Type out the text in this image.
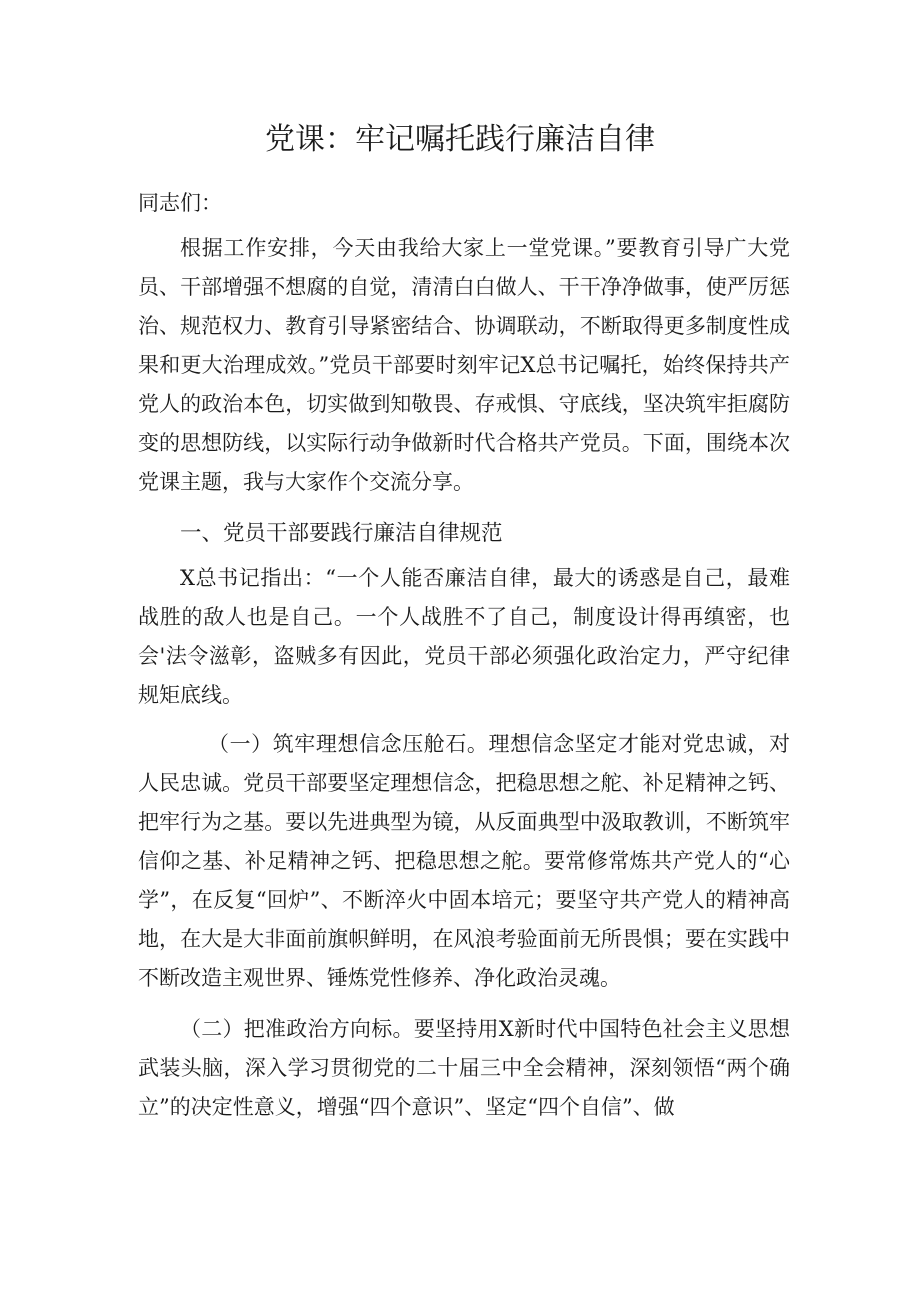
党课：牢记嘱托践行廉洁自律

同志们：

根据工作安排，今天由我给大家上一堂党课。”要教育引导广大党员、干部增强不想腐的自觉，清清白白做人、干干净净做事，使严厉惩治、规范权力、教育引导紧密结合、协调联动，不断取得更多制度性成果和更大治理成效。”党员干部要时刻牢记X总书记嘱托，始终保持共产党人的政治本色，切实做到知敬畏、存戒惧、守底线，坚决筑牢拒腐防变的思想防线，以实际行动争做新时代合格共产党员。下面，围绕本次党课主题，我与大家作个交流分享。

一、党员干部要践行廉洁自律规范

X总书记指出：“一个人能否廉洁自律，最大的诱惑是自己，最难战胜的敌人也是自己。一个人战胜不了自己，制度设计得再缜密，也会'法令滋彰，盗贼多有因此，党员干部必须强化政治定力，严守纪律规矩底线。

（一）筑牢理想信念压舱石。理想信念坚定才能对党忠诚，对人民忠诚。党员干部要坚定理想信念，把稳思想之舵、补足精神之钙、把牢行为之基。要以先进典型为镜，从反面典型中汲取教训，不断筑牢信仰之基、补足精神之钙、把稳思想之舵。要常修常炼共产党人的“心学”，在反复“回炉”、不断淬火中固本培元；要坚守共产党人的精神高地，在大是大非面前旗帜鲜明，在风浪考验面前无所畏惧；要在实践中不断改造主观世界、锤炼党性修养、净化政治灵魂。

（二）把准政治方向标。要坚持用X新时代中国特色社会主义思想武装头脑，深入学习贯彻党的二十届三中全会精神，深刻领悟“两个确立”的决定性意义，增强“四个意识”、坚定“四个自信”、做
